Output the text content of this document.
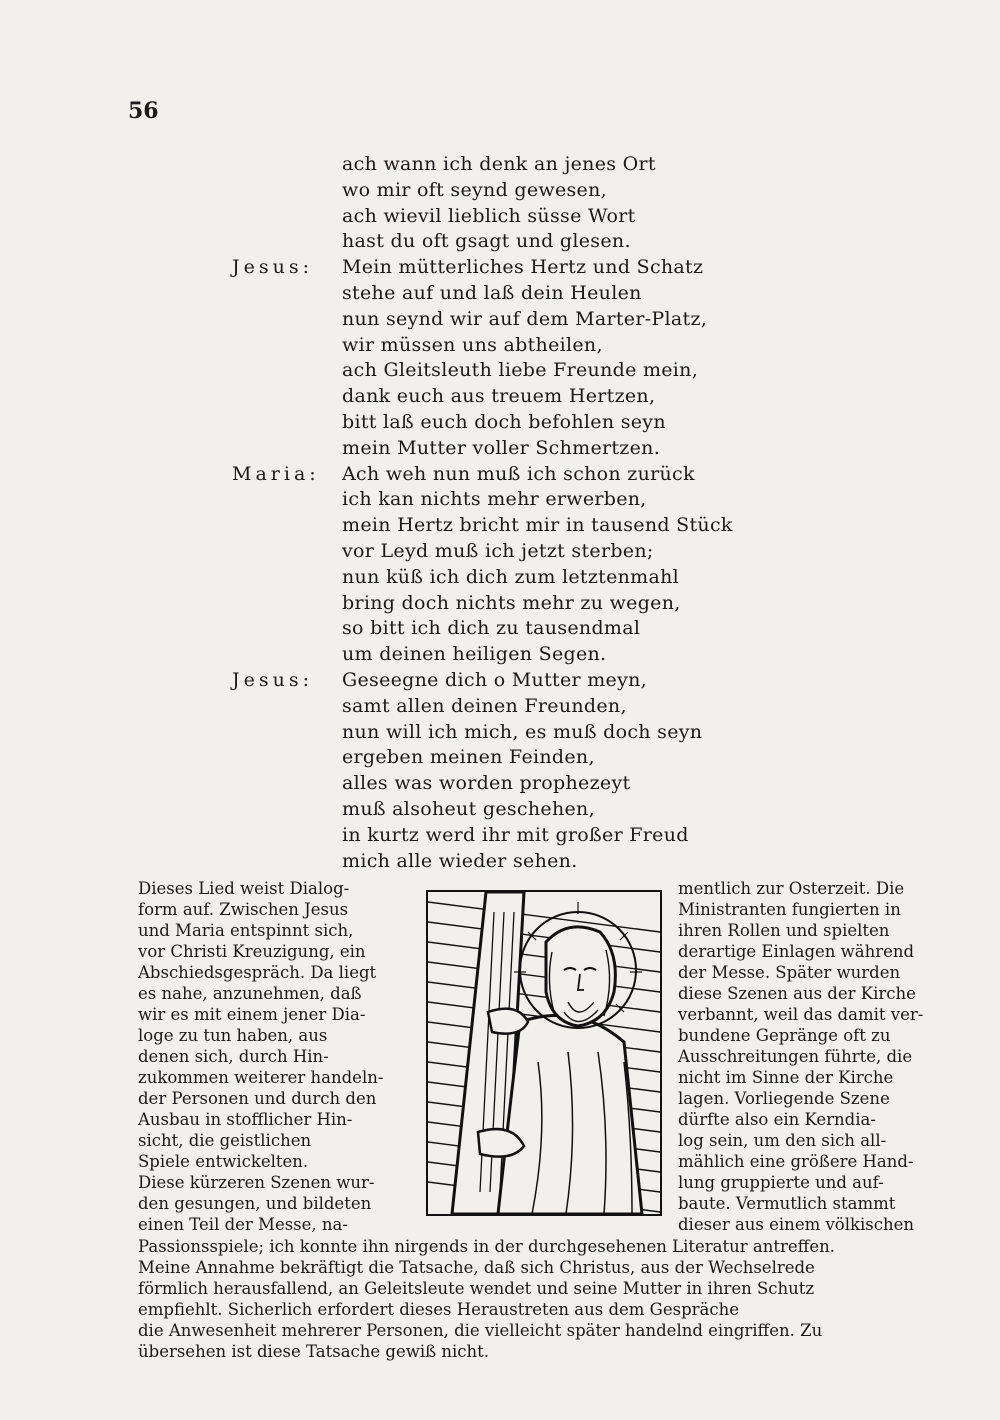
56
ach wann ich denk an jenes Ort
wo mir oft seynd gewesen,
ach wievil lieblich süsse Wort
hast du oft gsagt und glesen.
Jesus:	Mein mütterliches Hertz und Schatz
stehe auf und laß dein Heulen
nun seynd wir auf dem Marter-Platz,
wir müssen uns abtheilen,
ach Gleitsleuth liebe Freunde mein,
dank euch aus treuem Hertzen,
bitt laß euch doch befohlen seyn
mein Mutter voller Schmertzen.
Maria:	Ach weh nun muß ich schon zurück
ich kan nichts mehr erwerben,
mein Hertz bricht mir in tausend Stück
vor Leyd muß ich jetzt sterben;
nun küß ich dich zum letztenmahl
bring doch nichts mehr zu wegen,
so bitt ich dich zu tausendmal
um deinen heiligen Segen.
Jesus:	Geseegne dich o Mutter meyn,
samt allen deinen Freunden,
nun will ich mich, es muß doch seyn
ergeben meinen Feinden,
alles was worden prophezeyt
muß alsoheut geschehen,
in kurtz werd ihr mit großer Freud
mich alle wieder sehen.
Dieses Lied weist Dialog-
form auf. Zwischen Jesus
und Maria entspinnt sich,
vor Christi Kreuzigung, ein
Abschiedsgespräch. Da liegt
es nahe, anzunehmen, daß
wir es mit einem jener Dia-
loge zu tun haben, aus
denen sich, durch Hin-
zukommen weiterer handeln-
der Personen und durch den
Ausbau in stofflicher Hin-
sicht, die geistlichen
Spiele entwickelten.
Diese kürzeren Szenen wur-
den gesungen, und bildeten
einen Teil der Messe, na-
mentlich zur Osterzeit. Die
Ministranten fungierten in
ihren Rollen und spielten
derartige Einlagen während
der Messe. Später wurden
diese Szenen aus der Kirche
verbannt, weil das damit ver-
bundene Gepränge oft zu
Ausschreitungen führte, die
nicht im Sinne der Kirche
lagen. Vorliegende Szene
dürfte also ein Kerndia-
log sein, um den sich all-
mählich eine größere Hand-
lung gruppierte und auf-
baute. Vermutlich stammt
dieser aus einem völkischen
Passionsspiele; ich konnte ihn nirgends in der durchgesehenen Literatur antreffen.
Meine Annahme bekräftigt die Tatsache, daß sich Christus, aus der Wechselrede
förmlich herausfallend, an Geleitsleute wendet und seine Mutter in ihren Schutz
empfiehlt. Sicherlich erfordert dieses Heraustreten aus dem Gespräche
die Anwesenheit mehrerer Personen, die vielleicht später handelnd eingriffen. Zu
übersehen ist diese Tatsache gewiß nicht.
